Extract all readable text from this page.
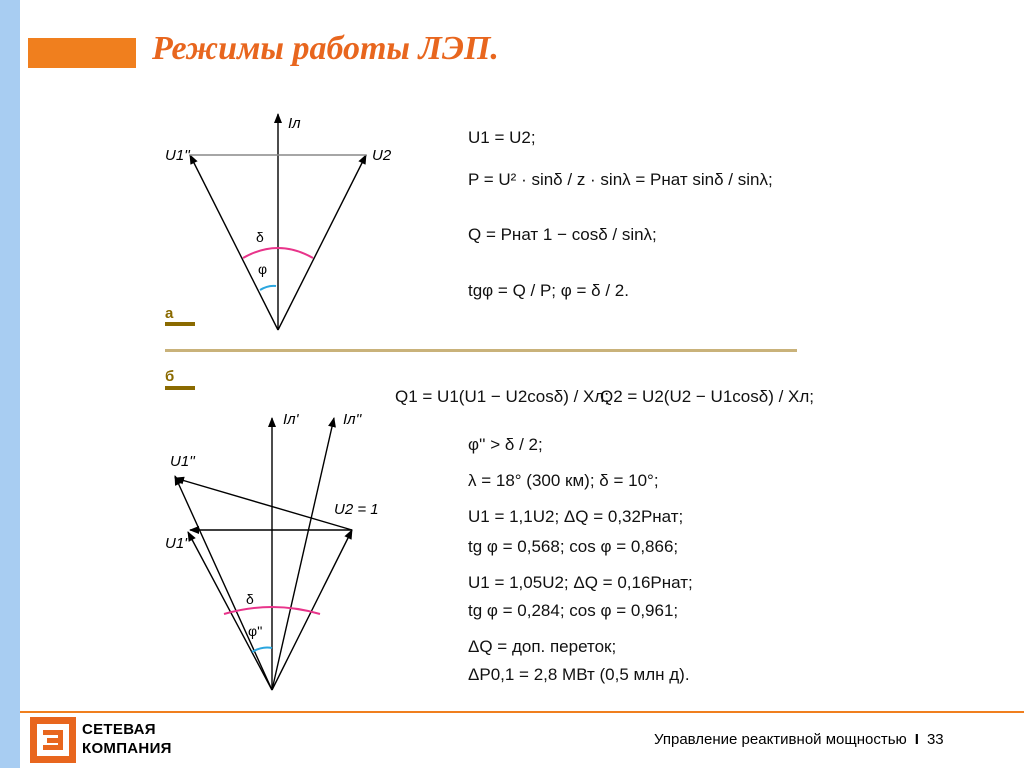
Режимы работы ЛЭП.
Iл
U1''	U2
δ
φ
а
U1 = U2;
P = U² · sinδ / z · sinλ = Pнат sinδ / sinλ;
Q = Pнат 1 − cosδ / sinλ;
tgφ = Q / P; φ = δ / 2.
б
Q1 = U1(U1 − U2cosδ) / Xл;
Q2 = U2(U2 − U1cosδ) / Xл;
φ'' > δ / 2;
λ = 18° (300 км); δ = 10°;
U1 = 1,1U2; ΔQ = 0,32Pнат;
tg φ = 0,568; cos φ = 0,866;
U1 = 1,05U2; ΔQ = 0,16Pнат;
tg φ = 0,284; cos φ = 0,961;
ΔQ = доп. переток;
ΔP0,1 = 2,8 МВт (0,5 млн д).
Iл'	Iл''
U1''
U1'
U2 = 1
δ
φ''
СЕТЕВАЯ
КОМПАНИЯ
Управление реактивной мощностью I 33
